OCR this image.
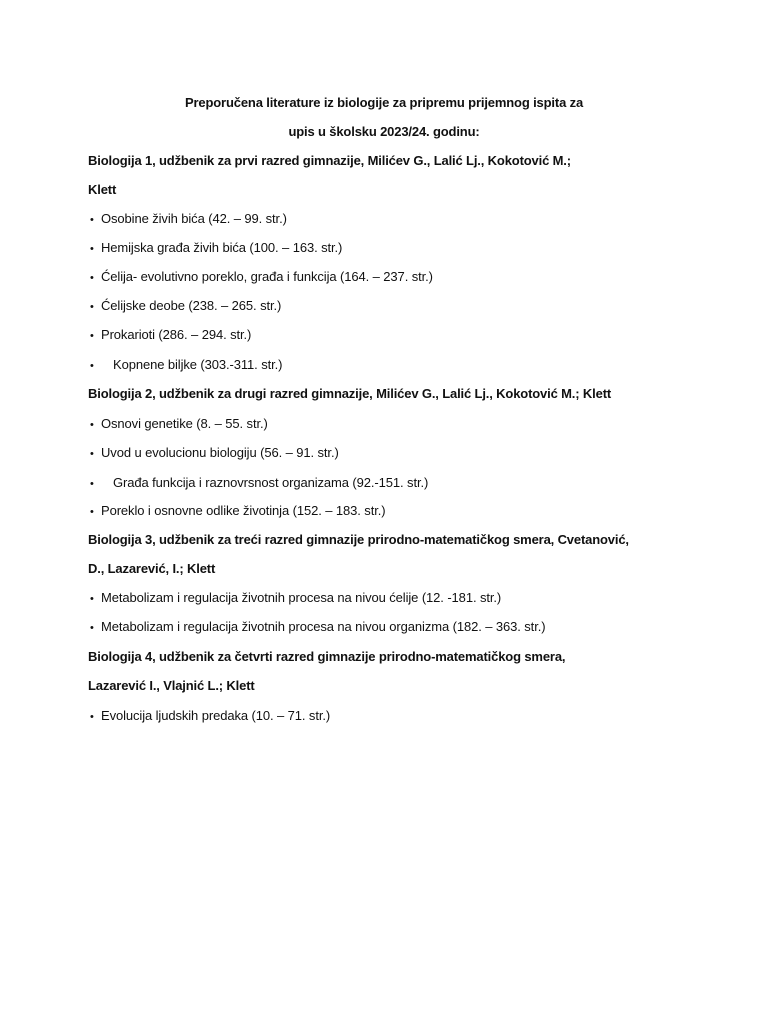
Preporučena literature iz biologije za pripremu prijemnog ispita za
upis u školsku 2023/24. godinu:
Biologija 1, udžbenik za prvi razred gimnazije, Milićev G., Lalić Lj., Kokotović M.;
Klett
• Osobine živih bića (42. – 99. str.)
• Hemijska građa živih bića (100. – 163. str.)
• Ćelija- evolutivno poreklo, građa i funkcija (164. – 237. str.)
• Ćelijske deobe (238. – 265. str.)
• Prokarioti (286. – 294. str.)
• Kopnene biljke (303.-311. str.)
Biologija 2, udžbenik za drugi razred gimnazije, Milićev G., Lalić Lj., Kokotović M.; Klett
• Osnovi genetike (8. – 55. str.)
• Uvod u evolucionu biologiju (56. – 91. str.)
• Građa funkcija i raznovrsnost organizama (92.-151. str.)
• Poreklo i osnovne odlike životinja (152. – 183. str.)
Biologija 3, udžbenik za treći razred gimnazije prirodno-matematičkog smera, Cvetanović,
D., Lazarević, I.; Klett
• Metabolizam i regulacija životnih procesa na nivou ćelije (12. -181. str.)
• Metabolizam i regulacija životnih procesa na nivou organizma (182. – 363. str.)
Biologija 4, udžbenik za četvrti razred gimnazije prirodno-matematičkog smera,
Lazarević I., Vlajnić L.; Klett
• Evolucija ljudskih predaka (10. – 71. str.)
